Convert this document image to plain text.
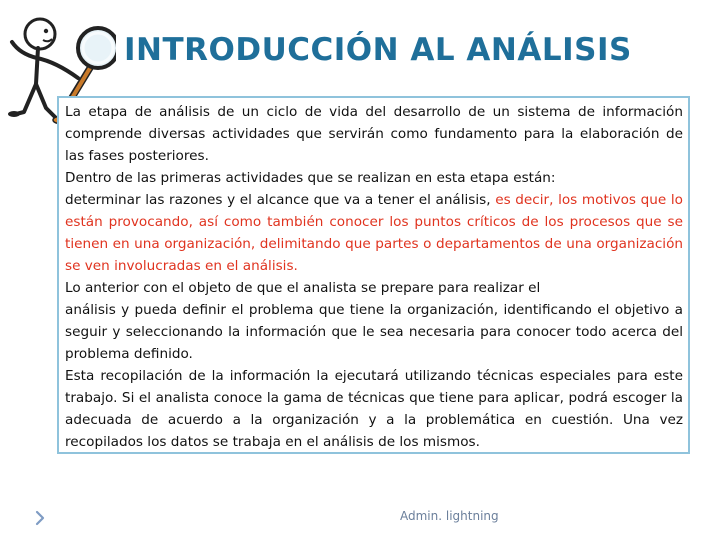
INTRODUCCIÓN AL ANÁLISIS

La etapa de análisis de un ciclo de vida del desarrollo de un sistema de información comprende diversas actividades que servirán como fundamento para la elaboración de las fases posteriores.

Dentro de las primeras actividades que se realizan en esta etapa están:

determinar las razones y el alcance que va a tener el análisis, es decir, los motivos que lo están provocando, así como también conocer los puntos críticos de los procesos que se tienen en una organización, delimitando que partes o departamentos de una organización se ven involucradas en el análisis.

Lo anterior con el objeto de que el analista se prepare para realizar el

análisis y pueda definir el problema que tiene la organización, identificando el objetivo a seguir y seleccionando la información que le sea necesaria para conocer todo acerca del problema definido.

Esta recopilación de la información la ejecutará utilizando técnicas especiales para este trabajo. Si el analista conoce la gama de técnicas que tiene para aplicar, podrá escoger la adecuada de acuerdo a la organización y a la problemática en cuestión. Una vez recopilados los datos se trabaja en el análisis de los mismos.

Admin. lightning
